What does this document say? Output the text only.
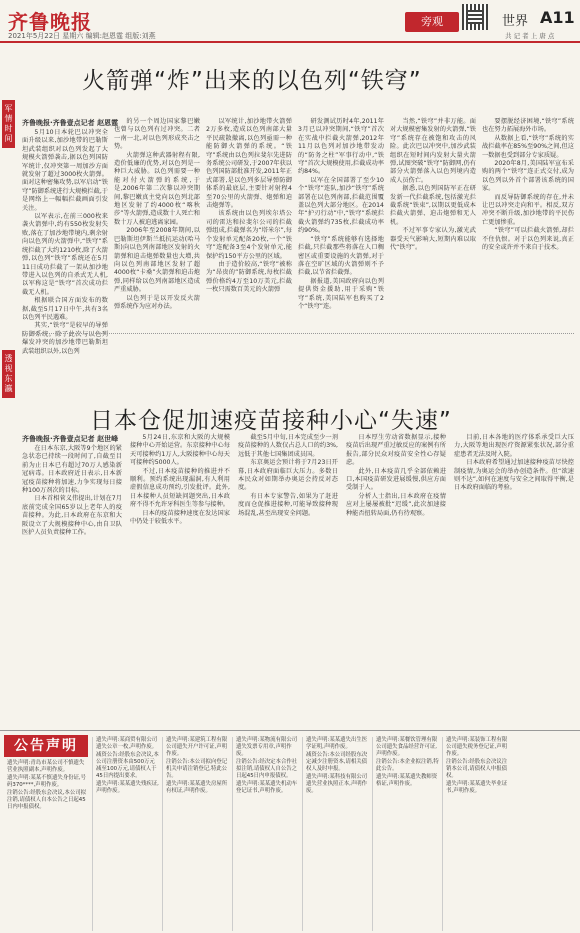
齐鲁晚报
2021年5月22日 星期六 编辑:赵恩霆 组版:刘燕
旁观	世界 A11
共 记 者 上 唐 点
军情时间
火箭弹“炸”出来的以色列“铁穹”
齐鲁晚报·齐鲁壹点记者 赵恩霆

5月10日本轮巴以冲突全面升级以来,加沙地带的巴勒斯坦武装组织对以色列发起了大规模火箭弹袭击,据以色列国防军统计,仅冲突第一周加沙方面就发射了超过3000枚火箭弹。面对这种密集攻势,以军启动“铁穹”防御系统进行大规模拦截,于是网络上一幅幅拦截画面引发关注。

以军表示,在前三000枚来袭火箭弹中,约有550枚发射失败,落在了加沙地带境内,剩余射向以色列的火箭弹中,“铁穹”系统拦截了大约1210枚,除了火箭弹,以色列“铁穹”系统还在5月11日成功拦截了一架从加沙地带进入以色列的自杀式无人机,以军称这是“铁穹”首次成功拦截无人机。

根据联合国方面发布的数据,截至5月17日中午,共有3名以色列平民遇难。

其实,“铁穹”是较早的导弹防御系统。除了此次与以色列爆发冲突的加沙地带巴勒斯坦武装组织以外,以色列

的另一个周边国家黎巴嫩也曾与以色列有过冲突。二者一南一北,对以色列形成夹击之势。

火箭弹这种武器射程有限,造价低廉的优势,对以色列是一种巨大威胁。以色列需要一种能对付火箭弹的系统,于是,2006年第二次黎以冲突期间,黎巴嫩真主党向以色列北部地区发射了约4000枚“喀秋莎”等火箭弹,造成数十人死亡和数十万人被迫逃离家园。

2006年至2008年期间,以巴勒斯坦伊斯兰抵抗运动(哈马斯)向以色列南部地区发射的火箭弹和迫击炮弹数量也大增,共向以色列南部地区发射了超4000枚“卡桑”火箭弹和迫击炮弹,同样给以色列南部地区造成严重威胁。

以色列于是以开发反火箭弹系统作为应对办法。

以军统计,加沙地带火箭弹2万多枚,造成以色列南部大量平民疏散撤离,以色列亟需一种能防御火箭弹的系统。“铁穹”系统由以色列拉斐尔先进防务系统公司研发,于2007年获以色列国防部批准开发,2011年正式部署,是以色列多层导弹防御体系的最底层,主要针对射程4至70公里的火箭弹、炮弹和迫击炮弹等。

该系统由以色列埃尔塔公司的雷达和拉斐尔公司的拦截弹组成,拦截弹名为“塔米尔”,每个发射单元配备20枚,一个“铁穹”连配备3至4个发射单元,能保护约150平方公里的区域。

由于造价较高,“铁穹”被称为“昂贵的”防御系统,每枚拦截弹价格约4万至10万美元,拦截一枚只需数百美元的火箭弹

研发测试历时4年,2011年3月已以冲突期间,“铁穹”首次在实战中拦截火箭弹,2012年11月以色列对加沙地带发动的“防务之柱”军事行动中,“铁穹”首次大规模使用,拦截成功率约84%。

以军在全国部署了至少10个“铁穹”连队,加沙“铁穹”系统部署在以色列南部,拦截范围覆盖以色列大部分地区。在2014年“护刃行动”中,“铁穹”系统拦截火箭弹约735枚,拦截成功率约90%。

“铁穹”系统能够有选择地拦截,只拦截那些将落在人口稠密区或重要设施的火箭弹,对于落在空旷区域的火箭弹则不予拦截,以节省拦截弹。

据报道,美国政府向以色列提供资金援助,用于采购“铁穹”系统,美国陆军也购买了2个“铁穹”连。

当然,“铁穹”并非万能。面对大规模密集发射的火箭弹,“铁穹”系统存在被饱和攻击的风险。此次巴以冲突中,加沙武装组织在短时间内发射大量火箭弹,试图突破“铁穹”防御网,仍有部分火箭弹落入以色列境内造成人员伤亡。

据悉,以色列国防军正在研发新一代拦截系统,包括激光拦截系统“铁束”,以期以更低成本拦截火箭弹、迫击炮弹和无人机。

不过军事专家认为,激光武器受天气影响大,短期内难以取代“铁穹”。

要摆脱经济困境,“铁穹”系统也在努力拓展海外市场。

从数据上看,“铁穹”系统的实战拦截率在85%至90%之间,但这一数据也受到部分专家质疑。

2020年8月,美国陆军宣布采购的两个“铁穹”连正式交付,成为以色列以外首个部署该系统的国家。

而反导防御系统的存在,并未让巴以冲突走向和平。相反,双方冲突不断升级,加沙地带的平民伤亡更加惨重。

“铁穹”可以拦截火箭弹,却拦不住仇恨。对于以色列来说,真正的安全或许并不来自于技术。

透视东瀛
日本仓促加速疫苗接种小心“失速”
齐鲁晚报·齐鲁壹点记者 赵世峰

在日本东京,大阪等9个地区的紧急状态已持续一段时间了,自截至目前为止日本已有超过70万人感染新冠病毒。日本政府近日表示,日本新冠疫苗接种将加速,力争实现每日接种100万剂次的目标。

日本首相菅义伟提出,计划在7月底前完成全国65岁以上老年人的疫苗接种。为此,日本政府在东京和大阪设立了大规模接种中心,由自卫队医护人员负责接种工作。

5月24日,东京和大阪的大规模接种中心开始运营。东京接种中心每天可接种约1万人,大阪接种中心每天可接种约5000人。

不过,日本疫苗接种的推进并不顺利。预约系统出现漏洞,有人利用虚假信息成功预约,引发批评。此外,日本接种人员短缺问题突出,日本政府不得不允许牙科医生等参与接种。

日本的疫苗接种速度在发达国家中仍处于较低水平。

截至5月中旬,日本完成至少一剂疫苗接种的人数仅占总人口的约3%,远低于其他七国集团成员国。

东京奥运会预计将于7月23日开幕,日本政府面临巨大压力。多数日本民众对如期举办奥运会持反对态度。

有日本专家警告,如果为了赶进度而仓促推进接种,可能导致接种现场混乱,甚至出现安全问题。

日本厚生劳动省数据显示,接种疫苗后出现严重过敏反应的案例有所报告,部分民众对疫苗安全性心存疑虑。

此外,日本疫苗几乎全部依赖进口,本国疫苗研发进展缓慢,供应方面受制于人。

分析人士指出,日本政府在疫情应对上屡屡被批“迟缓”,此次加速接种能否扭转局面,仍有待观察。

目前,日本各地的医疗体系承受巨大压力,大阪等地出现医疗资源紧张状况,部分重症患者无法及时入院。

日本政府希望通过加速接种疫苗尽快控制疫情,为奥运会的举办创造条件。但“欲速则不达”,如何在速度与安全之间取得平衡,是日本政府面临的考验。

公告声明
遗失声明:青岛市某公司不慎遗失营业执照副本,声明作废。
遗失声明:某某不慎遗失身份证,号码370****,声明作废。
注销公告:经股东会决议,本公司拟注销,请债权人自本公告之日起45日内申报债权。
遗失声明:某商贸有限公司遗失公章一枚,声明作废。
减资公告:经股东会决议,本公司注册资本由500万元减至100万元,请债权人于45日内提出要求。
遗失声明:某某遗失残疾证,声明作废。
遗失声明:某建筑工程有限公司遗失开户许可证,声明作废。
注销公告:本公司拟向登记机关申请注销登记,特此公告。
遗失声明:某某遗失房屋所有权证,声明作废。
遗失声明:某物流有限公司遗失发票专用章,声明作废。
注销公告:经决定本合作社拟注销,请债权人自公告之日起45日内申报债权。
遗失声明:某某遗失机动车登记证书,声明作废。
遗失声明:某某遗失出生医学证明,声明作废。
减资公告:本公司经股东决定减少注册资本,请相关债权人及时申报。
遗失声明:某科技有限公司遗失营业执照正本,声明作废。
遗失声明:某餐饮管理有限公司遗失食品经营许可证,声明作废。
注销公告:本企业拟注销,特此公告。
遗失声明:某某遗失教师资格证,声明作废。
遗失声明:某装饰工程有限公司遗失税务登记证,声明作废。
注销公告:经股东会决议注销本公司,请债权人申报债权。
遗失声明:某某遗失毕业证书,声明作废。
